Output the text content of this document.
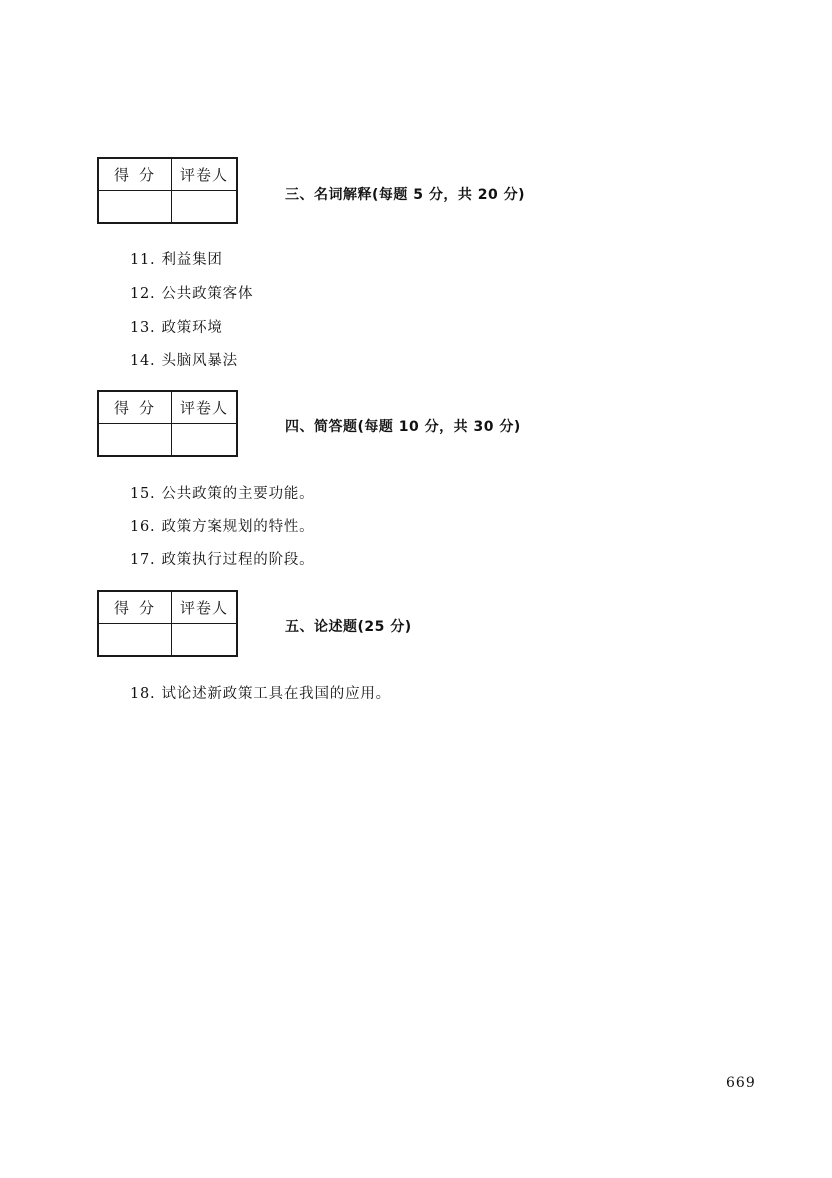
得分	评卷人

三、名词解释(每题 5 分，共 20 分)
11. 利益集团
12. 公共政策客体
13. 政策环境
14. 头脑风暴法
得分	评卷人

四、简答题(每题 10 分，共 30 分)
15. 公共政策的主要功能。
16. 政策方案规划的特性。
17. 政策执行过程的阶段。
得分	评卷人

五、论述题(25 分)
18. 试论述新政策工具在我国的应用。
669
